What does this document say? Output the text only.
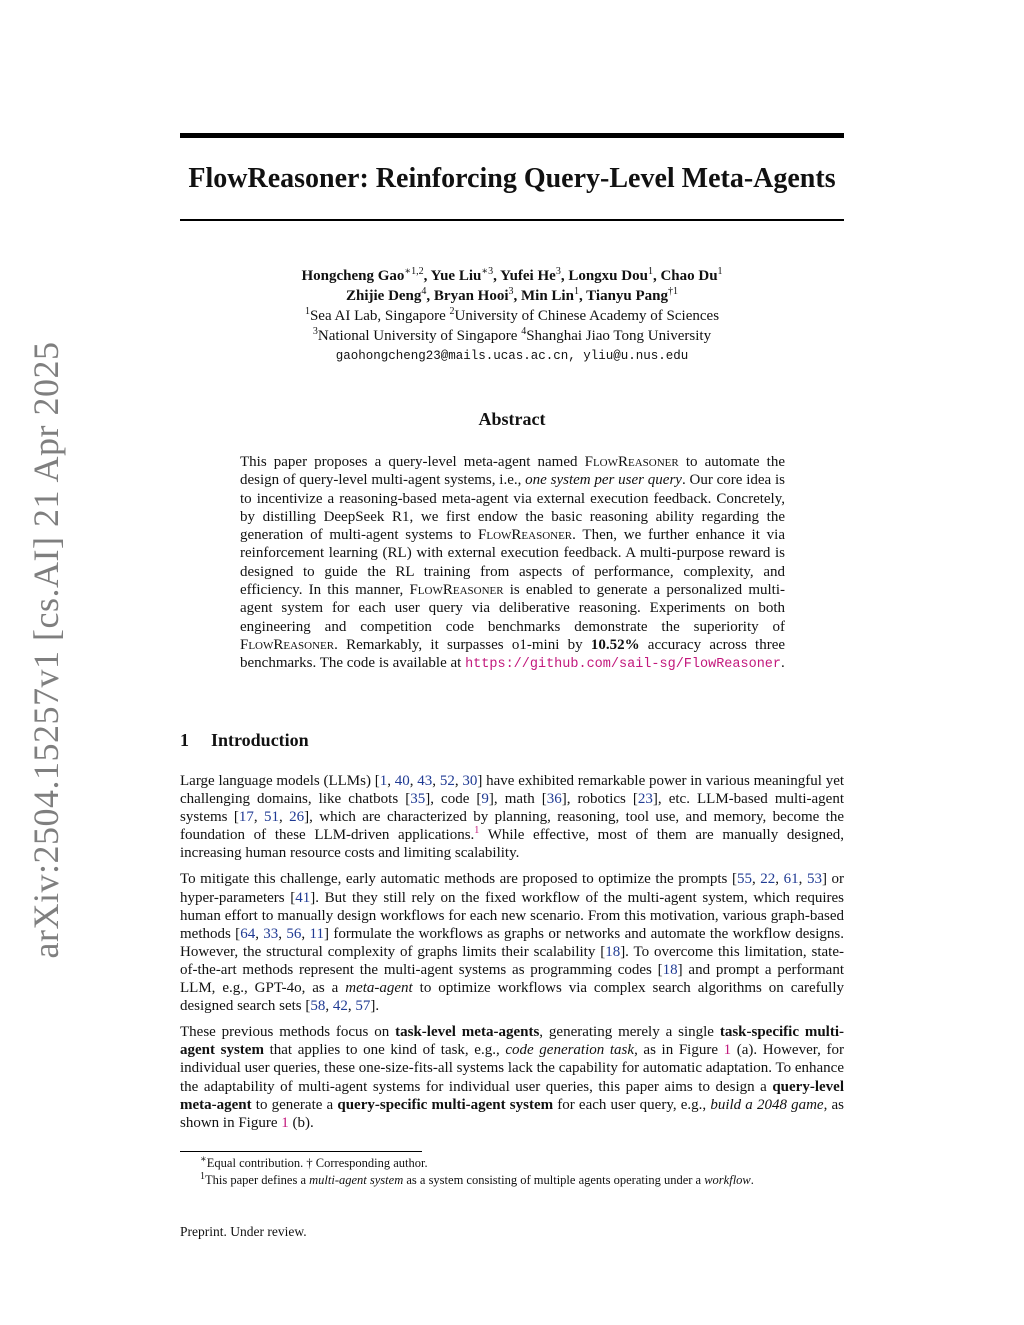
arXiv:2504.15257v1 [cs.AI] 21 Apr 2025
FlowReasoner: Reinforcing Query-Level Meta-Agents
Hongcheng Gao$^{∗1,2}$, Yue Liu$^{∗3}$, Yufei He$^3$, Longxu Dou$^1$, Chao Du$^1$
Zhijie Deng$^4$, Bryan Hooi$^3$, Min Lin$^1$, Tianyu Pang$^{\dagger 1}$
$^1$Sea AI Lab, Singapore $^2$University of Chinese Academy of Sciences
$^3$National University of Singapore $^4$Shanghai Jiao Tong University
gaohongcheng23@mails.ucas.ac.cn, yliu@u.nus.edu
Abstract

This paper proposes a query-level meta-agent named FlowReasoner to automate the design of query-level multi-agent systems, i.e., one system per user query. Our core idea is to incentivize a reasoning-based meta-agent via external execution feedback. Concretely, by distilling DeepSeek R1, we first endow the basic reasoning ability regarding the generation of multi-agent systems to FlowReasoner. Then, we further enhance it via reinforcement learning (RL) with external execution feedback. A multi-purpose reward is designed to guide the RL training from aspects of performance, complexity, and efficiency. In this manner, FlowReasoner is enabled to generate a personalized multi-agent system for each user query via deliberative reasoning. Experiments on both engineering and competition code benchmarks demonstrate the superiority of FlowReasoner. Remarkably, it surpasses o1-mini by 10.52% accuracy across three benchmarks. The code is available at https://github.com/sail-sg/FlowReasoner.

1 Introduction

Large language models (LLMs) [1, 40, 43, 52, 30] have exhibited remarkable power in various meaningful yet challenging domains, like chatbots [35], code [9], math [36], robotics [23], etc. LLM-based multi-agent systems [17, 51, 26], which are characterized by planning, reasoning, tool use, and memory, become the foundation of these LLM-driven applications.$^1$ While effective, most of them are manually designed, increasing human resource costs and limiting scalability.

To mitigate this challenge, early automatic methods are proposed to optimize the prompts [55, 22, 61, 53] or hyper-parameters [41]. But they still rely on the fixed workflow of the multi-agent system, which requires human effort to manually design workflows for each new scenario. From this motivation, various graph-based methods [64, 33, 56, 11] formulate the workflows as graphs or networks and automate the workflow designs. However, the structural complexity of graphs limits their scalability [18]. To overcome this limitation, state-of-the-art methods represent the multi-agent systems as programming codes [18] and prompt a performant LLM, e.g., GPT-4o, as a meta-agent to optimize workflows via complex search algorithms on carefully designed search sets [58, 42, 57].

These previous methods focus on task-level meta-agents, generating merely a single task-specific multi-agent system that applies to one kind of task, e.g., code generation task, as in Figure 1 (a). However, for individual user queries, these one-size-fits-all systems lack the capability for automatic adaptation. To enhance the adaptability of multi-agent systems for individual user queries, this paper aims to design a query-level meta-agent to generate a query-specific multi-agent system for each user query, e.g., build a 2048 game, as shown in Figure 1 (b).

∗Equal contribution. † Corresponding author.
$^1$This paper defines a multi-agent system as a system consisting of multiple agents operating under a workflow.
Preprint. Under review.
